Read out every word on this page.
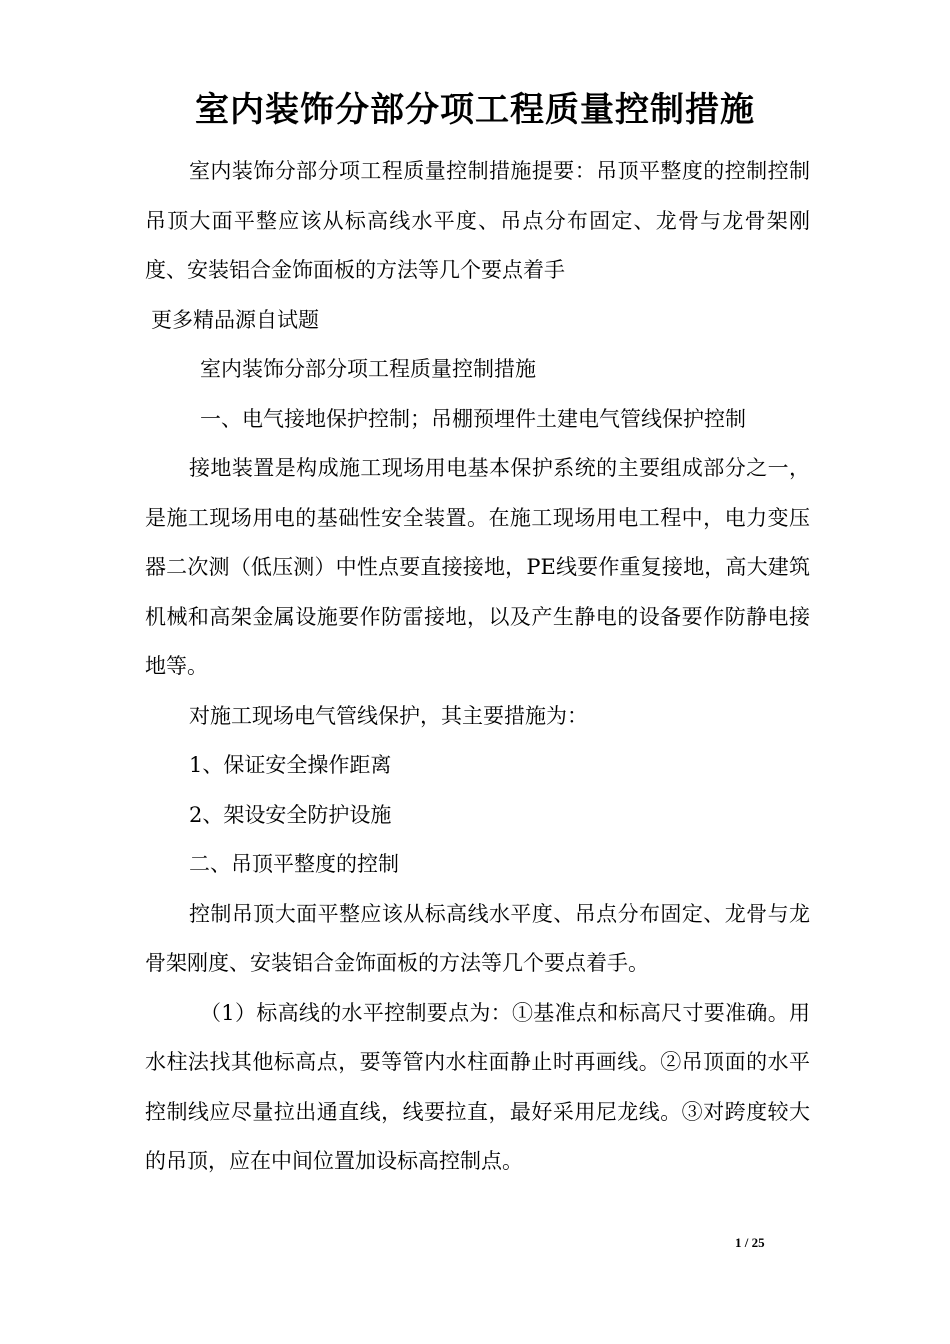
室内装饰分部分项工程质量控制措施

室内装饰分部分项工程质量控制措施提要：吊顶平整度的控制控制吊顶大面平整应该从标高线水平度、吊点分布固定、龙骨与龙骨架刚度、安装铝合金饰面板的方法等几个要点着手

更多精品源自试题

室内装饰分部分项工程质量控制措施

一、电气接地保护控制；吊棚预埋件土建电气管线保护控制

接地装置是构成施工现场用电基本保护系统的主要组成部分之一，是施工现场用电的基础性安全装置。在施工现场用电工程中，电力变压器二次测（低压测）中性点要直接接地，PE线要作重复接地，高大建筑机械和高架金属设施要作防雷接地，以及产生静电的设备要作防静电接地等。

对施工现场电气管线保护，其主要措施为：

1、保证安全操作距离

2、架设安全防护设施

二、吊顶平整度的控制

控制吊顶大面平整应该从标高线水平度、吊点分布固定、龙骨与龙骨架刚度、安装铝合金饰面板的方法等几个要点着手。

（1）标高线的水平控制要点为：①基准点和标高尺寸要准确。用水柱法找其他标高点，要等管内水柱面静止时再画线。②吊顶面的水平控制线应尽量拉出通直线，线要拉直，最好采用尼龙线。③对跨度较大的吊顶，应在中间位置加设标高控制点。

1 / 25
